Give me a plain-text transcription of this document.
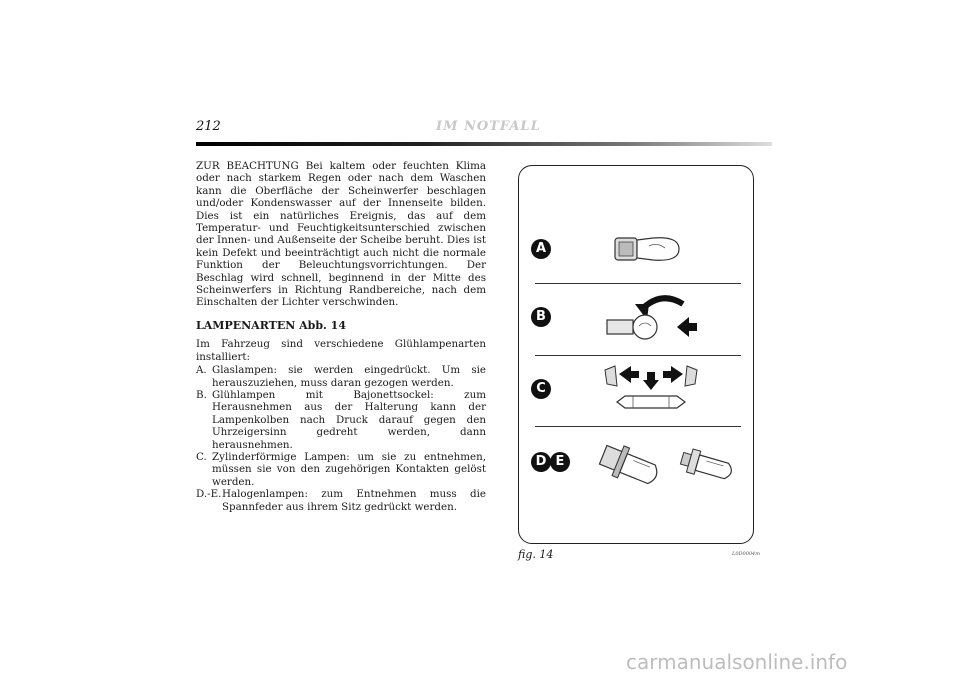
212	IM NOTFALL

ZUR BEACHTUNG Bei kaltem oder feuchten Klima oder nach starkem Regen oder nach dem Waschen kann die Oberfläche der Scheinwerfer beschlagen und/oder Kondenswasser auf der Innenseite bilden. Dies ist ein natürliches Ereignis, das auf dem Temperatur- und Feuchtigkeitsunterschied zwischen der Innen- und Außenseite der Scheibe beruht. Dies ist kein Defekt und beeinträchtigt auch nicht die normale Funktion der Beleuchtungsvorrichtungen. Der Beschlag wird schnell, beginnend in der Mitte des Scheinwerfers in Richtung Randbereiche, nach dem Einschalten der Lichter verschwinden.

LAMPENARTEN Abb. 14

Im Fahrzeug sind verschiedene Glühlampenarten installiert:

A. Glaslampen: sie werden eingedrückt. Um sie herauszuziehen, muss daran gezogen werden.
B. Glühlampen mit Bajonettsockel: zum Herausnehmen aus der Halterung kann der Lampenkolben nach Druck darauf gegen den Uhrzeigersinn gedreht werden, dann herausnehmen.
C. Zylinderförmige Lampen: um sie zu entnehmen, müssen sie von den zugehörigen Kontakten gelöst werden.
D.-E. Halogenlampen: zum Entnehmen muss die Spannfeder aus ihrem Sitz gedrückt werden.
A
B
C
D E
fig. 14	L0D0004m
carmanualsonline.info
